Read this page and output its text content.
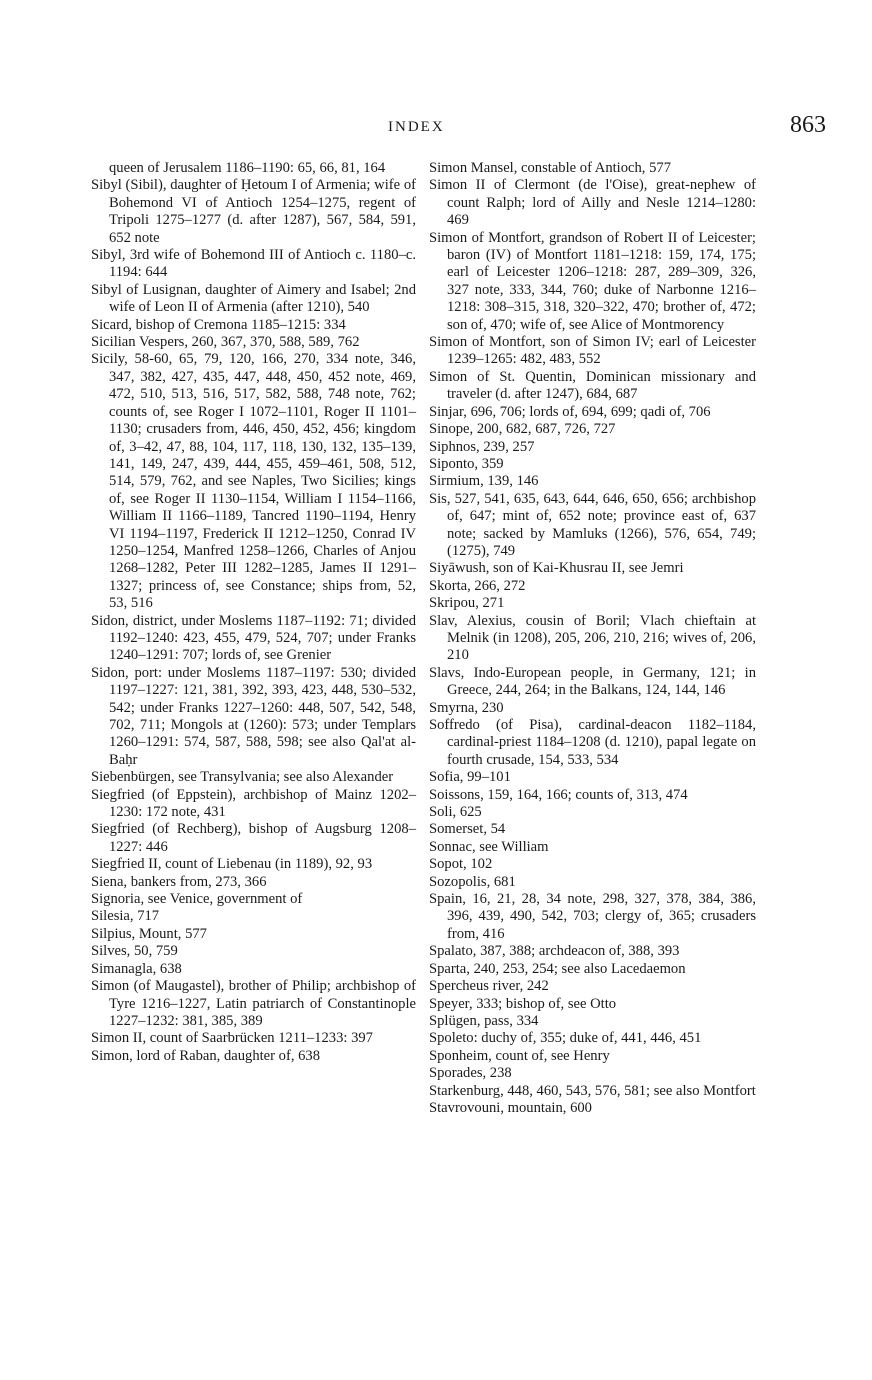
INDEX	863

queen of Jerusalem 1186–1190: 65, 66, 81, 164

Sibyl (Sibil), daughter of Ḥetoum I of Armenia; wife of Bohemond VI of Antioch 1254–1275, regent of Tripoli 1275–1277 (d. after 1287), 567, 584, 591, 652 note

Sibyl, 3rd wife of Bohemond III of Antioch c. 1180–c. 1194: 644

Sibyl of Lusignan, daughter of Aimery and Isabel; 2nd wife of Leon II of Armenia (after 1210), 540

Sicard, bishop of Cremona 1185–1215: 334

Sicilian Vespers, 260, 367, 370, 588, 589, 762

Sicily, 58-60, 65, 79, 120, 166, 270, 334 note, 346, 347, 382, 427, 435, 447, 448, 450, 452 note, 469, 472, 510, 513, 516, 517, 582, 588, 748 note, 762; counts of, see Roger I 1072–1101, Roger II 1101–1130; crusaders from, 446, 450, 452, 456; kingdom of, 3–42, 47, 88, 104, 117, 118, 130, 132, 135–139, 141, 149, 247, 439, 444, 455, 459–461, 508, 512, 514, 579, 762, and see Naples, Two Sicilies; kings of, see Roger II 1130–1154, William I 1154–1166, William II 1166–1189, Tancred 1190–1194, Henry VI 1194–1197, Frederick II 1212–1250, Conrad IV 1250–1254, Manfred 1258–1266, Charles of Anjou 1268–1282, Peter III 1282–1285, James II 1291–1327; princess of, see Constance; ships from, 52, 53, 516

Sidon, district, under Moslems 1187–1192: 71; divided 1192–1240: 423, 455, 479, 524, 707; under Franks 1240–1291: 707; lords of, see Grenier

Sidon, port: under Moslems 1187–1197: 530; divided 1197–1227: 121, 381, 392, 393, 423, 448, 530–532, 542; under Franks 1227–1260: 448, 507, 542, 548, 702, 711; Mongols at (1260): 573; under Templars 1260–1291: 574, 587, 588, 598; see also Qal'at al-Baḥr

Siebenbürgen, see Transylvania; see also Alexander

Siegfried (of Eppstein), archbishop of Mainz 1202–1230: 172 note, 431

Siegfried (of Rechberg), bishop of Augsburg 1208–1227: 446

Siegfried II, count of Liebenau (in 1189), 92, 93

Siena, bankers from, 273, 366

Signoria, see Venice, government of

Silesia, 717

Silpius, Mount, 577

Silves, 50, 759

Simanagla, 638

Simon (of Maugastel), brother of Philip; archbishop of Tyre 1216–1227, Latin patriarch of Constantinople 1227–1232: 381, 385, 389

Simon II, count of Saarbrücken 1211–1233: 397

Simon, lord of Raban, daughter of, 638

Simon Mansel, constable of Antioch, 577

Simon II of Clermont (de l'Oise), great-nephew of count Ralph; lord of Ailly and Nesle 1214–1280: 469

Simon of Montfort, grandson of Robert II of Leicester; baron (IV) of Montfort 1181–1218: 159, 174, 175; earl of Leicester 1206–1218: 287, 289–309, 326, 327 note, 333, 344, 760; duke of Narbonne 1216–1218: 308–315, 318, 320–322, 470; brother of, 472; son of, 470; wife of, see Alice of Montmorency

Simon of Montfort, son of Simon IV; earl of Leicester 1239–1265: 482, 483, 552

Simon of St. Quentin, Dominican missionary and traveler (d. after 1247), 684, 687

Sinjar, 696, 706; lords of, 694, 699; qadi of, 706

Sinope, 200, 682, 687, 726, 727

Siphnos, 239, 257

Siponto, 359

Sirmium, 139, 146

Sis, 527, 541, 635, 643, 644, 646, 650, 656; archbishop of, 647; mint of, 652 note; province east of, 637 note; sacked by Mamluks (1266), 576, 654, 749; (1275), 749

Siyāwush, son of Kai-Khusrau II, see Jemri

Skorta, 266, 272

Skripou, 271

Slav, Alexius, cousin of Boril; Vlach chieftain at Melnik (in 1208), 205, 206, 210, 216; wives of, 206, 210

Slavs, Indo-European people, in Germany, 121; in Greece, 244, 264; in the Balkans, 124, 144, 146

Smyrna, 230

Soffredo (of Pisa), cardinal-deacon 1182–1184, cardinal-priest 1184–1208 (d. 1210), papal legate on fourth crusade, 154, 533, 534

Sofia, 99–101

Soissons, 159, 164, 166; counts of, 313, 474

Soli, 625

Somerset, 54

Sonnac, see William

Sopot, 102

Sozopolis, 681

Spain, 16, 21, 28, 34 note, 298, 327, 378, 384, 386, 396, 439, 490, 542, 703; clergy of, 365; crusaders from, 416

Spalato, 387, 388; archdeacon of, 388, 393

Sparta, 240, 253, 254; see also Lacedaemon

Spercheus river, 242

Speyer, 333; bishop of, see Otto

Splügen, pass, 334

Spoleto: duchy of, 355; duke of, 441, 446, 451

Sponheim, count of, see Henry

Sporades, 238

Starkenburg, 448, 460, 543, 576, 581; see also Montfort

Stavrovouni, mountain, 600
